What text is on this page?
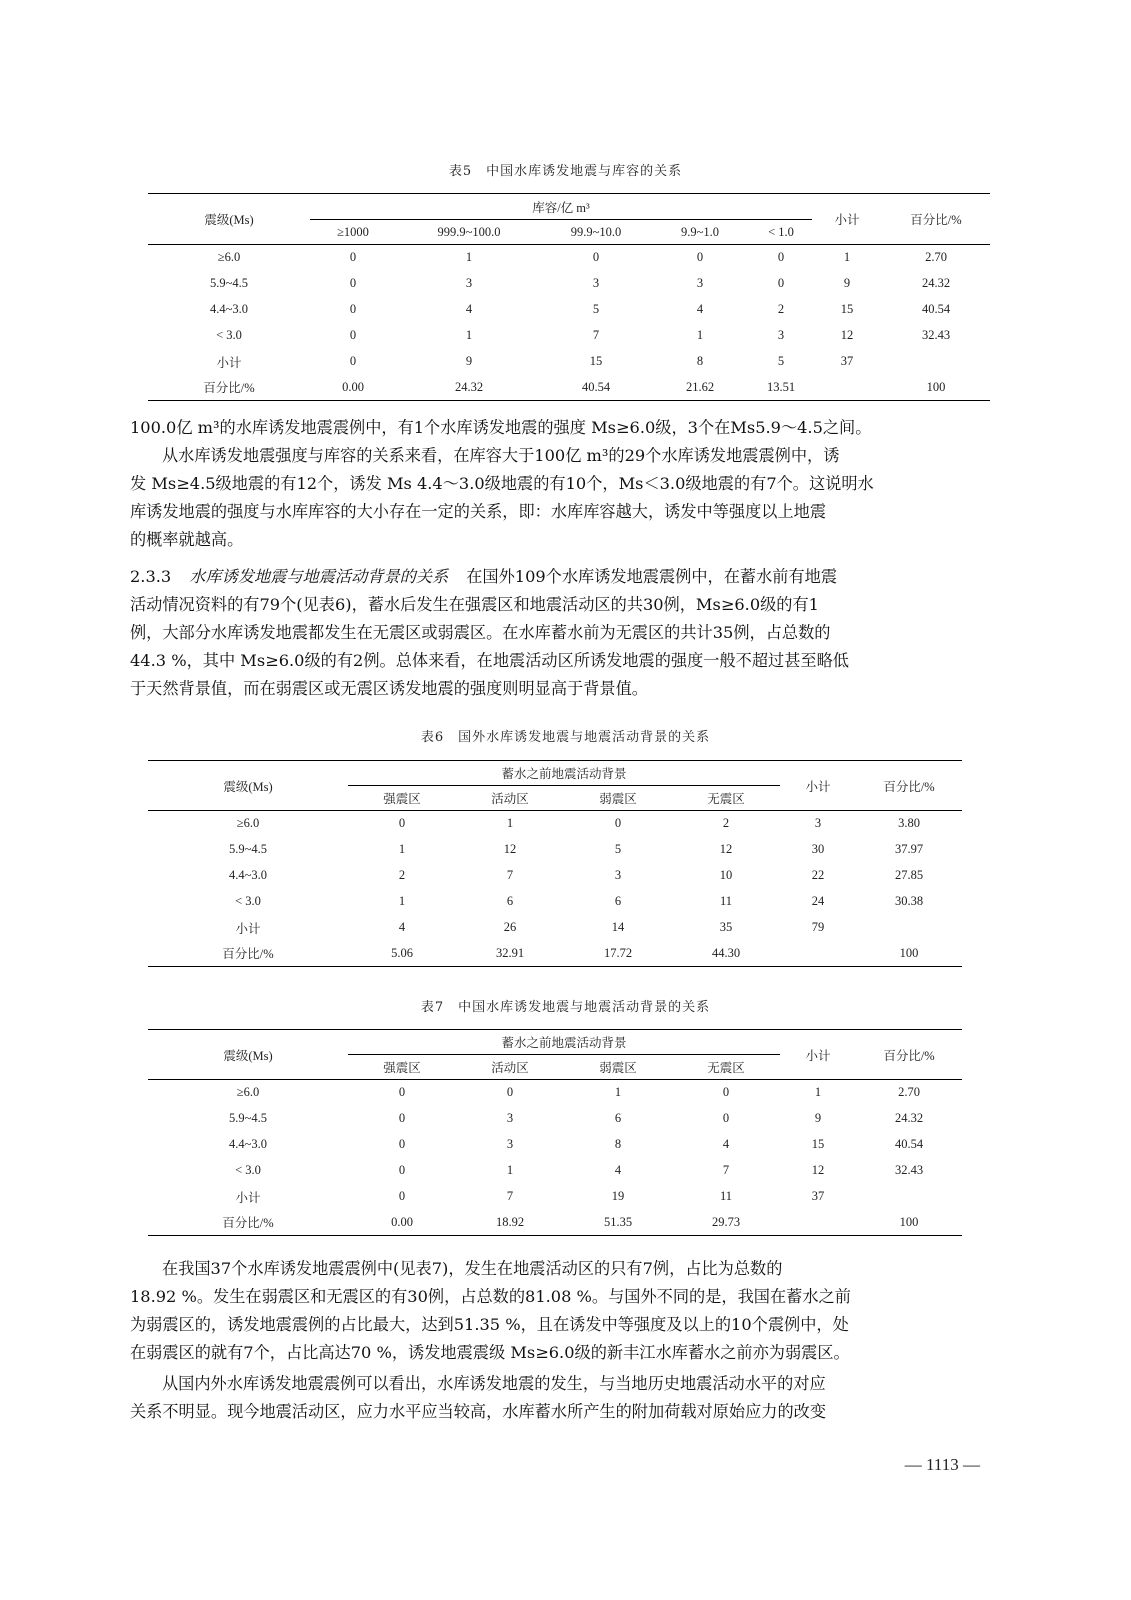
表5　中国水库诱发地震与库容的关系
震级(Ms)	库容/亿 m³					小计	百分比/%
	≥1000	999.9~100.0	99.9~10.0	9.9~1.0	< 1.0		
≥6.0	0	1	0	0	0	1	2.70
5.9~4.5	0	3	3	3	0	9	24.32
4.4~3.0	0	4	5	4	2	15	40.54
< 3.0	0	1	7	1	3	12	32.43
小计	0	9	15	8	5	37	
百分比/%	0.00	24.32	40.54	21.62	13.51		100
100.0亿 m³的水库诱发地震震例中，有1个水库诱发地震的强度 Ms≥6.0级，3个在Ms5.9～4.5之间。
从水库诱发地震强度与库容的关系来看，在库容大于100亿 m³的29个水库诱发地震震例中，诱
发 Ms≥4.5级地震的有12个，诱发 Ms 4.4～3.0级地震的有10个，Ms＜3.0级地震的有7个。这说明水
库诱发地震的强度与水库库容的大小存在一定的关系，即：水库库容越大，诱发中等强度以上地震
的概率就越高。
2.3.3 水库诱发地震与地震活动背景的关系 在国外109个水库诱发地震震例中，在蓄水前有地震
活动情况资料的有79个(见表6)，蓄水后发生在强震区和地震活动区的共30例，Ms≥6.0级的有1
例，大部分水库诱发地震都发生在无震区或弱震区。在水库蓄水前为无震区的共计35例，占总数的
44.3 %，其中 Ms≥6.0级的有2例。总体来看，在地震活动区所诱发地震的强度一般不超过甚至略低
于天然背景值，而在弱震区或无震区诱发地震的强度则明显高于背景值。
表6　国外水库诱发地震与地震活动背景的关系
震级(Ms)	蓄水之前地震活动背景				小计	百分比/%
	强震区	活动区	弱震区	无震区		
≥6.0	0	1	0	2	3	3.80
5.9~4.5	1	12	5	12	30	37.97
4.4~3.0	2	7	3	10	22	27.85
< 3.0	1	6	6	11	24	30.38
小计	4	26	14	35	79	
百分比/%	5.06	32.91	17.72	44.30		100
表7　中国水库诱发地震与地震活动背景的关系
震级(Ms)	蓄水之前地震活动背景				小计	百分比/%
	强震区	活动区	弱震区	无震区		
≥6.0	0	0	1	0	1	2.70
5.9~4.5	0	3	6	0	9	24.32
4.4~3.0	0	3	8	4	15	40.54
< 3.0	0	1	4	7	12	32.43
小计	0	7	19	11	37	
百分比/%	0.00	18.92	51.35	29.73		100
在我国37个水库诱发地震震例中(见表7)，发生在地震活动区的只有7例，占比为总数的
18.92 %。发生在弱震区和无震区的有30例，占总数的81.08 %。与国外不同的是，我国在蓄水之前
为弱震区的，诱发地震震例的占比最大，达到51.35 %，且在诱发中等强度及以上的10个震例中，处
在弱震区的就有7个，占比高达70 %，诱发地震震级 Ms≥6.0级的新丰江水库蓄水之前亦为弱震区。
从国内外水库诱发地震震例可以看出，水库诱发地震的发生，与当地历史地震活动水平的对应
关系不明显。现今地震活动区，应力水平应当较高，水库蓄水所产生的附加荷载对原始应力的改变
— 1113 —
